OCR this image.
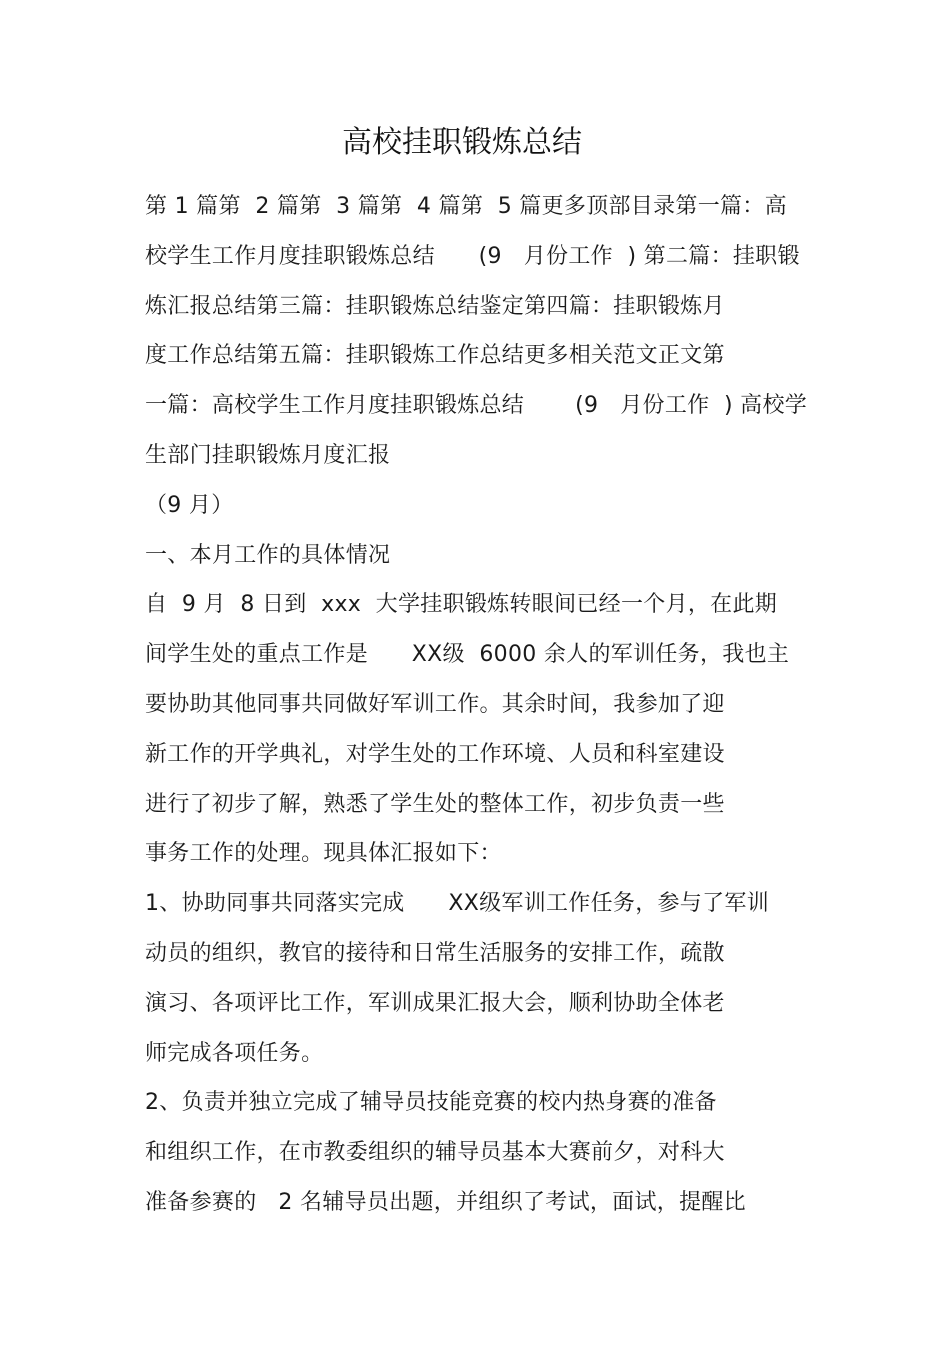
高校挂职锻炼总结
第 1 篇第  2 篇第  3 篇第  4 篇第  5 篇更多顶部目录第一篇：高
校学生工作月度挂职锻炼总结      (9   月份工作  ) 第二篇：挂职锻
炼汇报总结第三篇：挂职锻炼总结鉴定第四篇：挂职锻炼月
度工作总结第五篇：挂职锻炼工作总结更多相关范文正文第
一篇：高校学生工作月度挂职锻炼总结       (9   月份工作  ) 高校学
生部门挂职锻炼月度汇报
（9 月）
一、本月工作的具体情况
自  9 月  8 日到  xxx  大学挂职锻炼转眼间已经一个月，在此期
间学生处的重点工作是      XX级  6000 余人的军训任务，我也主
要协助其他同事共同做好军训工作。其余时间，我参加了迎
新工作的开学典礼，对学生处的工作环境、人员和科室建设
进行了初步了解，熟悉了学生处的整体工作，初步负责一些
事务工作的处理。现具体汇报如下：
1、协助同事共同落实完成      XX级军训工作任务，参与了军训
动员的组织，教官的接待和日常生活服务的安排工作，疏散
演习、各项评比工作，军训成果汇报大会，顺利协助全体老
师完成各项任务。
2、负责并独立完成了辅导员技能竞赛的校内热身赛的准备
和组织工作，在市教委组织的辅导员基本大赛前夕，对科大
准备参赛的   2 名辅导员出题，并组织了考试，面试，提醒比
